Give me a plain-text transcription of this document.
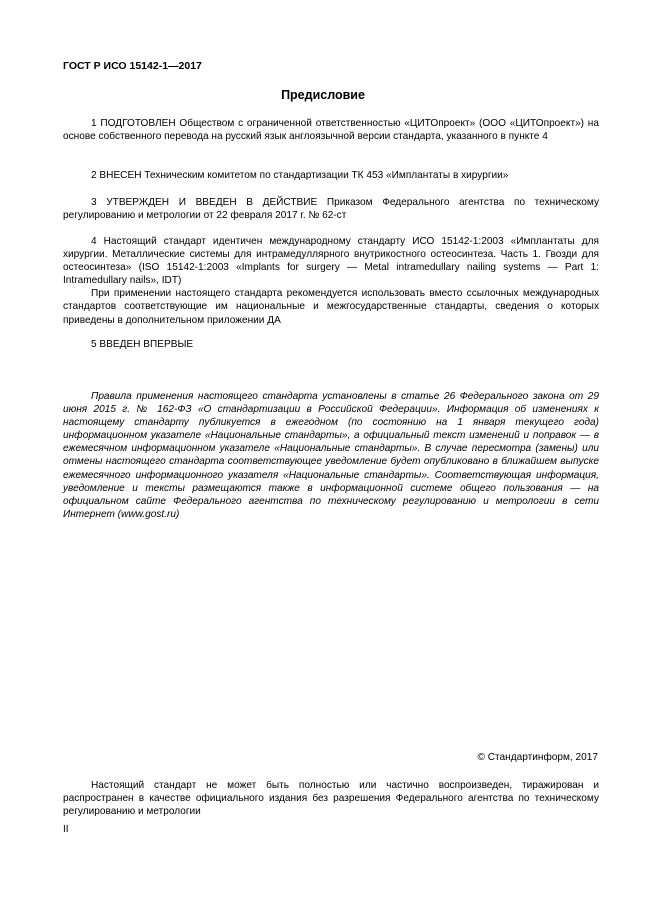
ГОСТ Р ИСО 15142-1—2017
Предисловие

1 ПОДГОТОВЛЕН Обществом с ограниченной ответственностью «ЦИТОпроект» (ООО «ЦИТОпроект») на основе собственного перевода на русский язык англоязычной версии стандарта, указанного в пункте 4

2 ВНЕСЕН Техническим комитетом по стандартизации ТК 453 «Имплантаты в хирургии»

3 УТВЕРЖДЕН И ВВЕДЕН В ДЕЙСТВИЕ Приказом Федерального агентства по техническому регулированию и метрологии от 22 февраля 2017 г. № 62-ст

4 Настоящий стандарт идентичен международному стандарту ИСО 15142-1:2003 «Имплантаты для хирургии. Металлические системы для интрамедуллярного внутрикостного остеосинтеза. Часть 1. Гвозди для остеосинтеза» (ISO 15142-1:2003 «Implants for surgery — Metal intramedullary nailing systems — Part 1: Intramedullary nails», IDT)

При применении настоящего стандарта рекомендуется использовать вместо ссылочных международных стандартов соответствующие им национальные и межгосударственные стандарты, сведения о которых приведены в дополнительном приложении ДА

5 ВВЕДЕН ВПЕРВЫЕ

Правила применения настоящего стандарта установлены в статье 26 Федерального закона от 29 июня 2015 г. № 162-ФЗ «О стандартизации в Российской Федерации». Информация об изменениях к настоящему стандарту публикуется в ежегодном (по состоянию на 1 января текущего года) информационном указателе «Национальные стандарты», а официальный текст изменений и поправок — в ежемесячном информационном указателе «Национальные стандарты». В случае пересмотра (замены) или отмены настоящего стандарта соответствующее уведомление будет опубликовано в ближайшем выпуске ежемесячного информационного указателя «Национальные стандарты». Соответствующая информация, уведомление и тексты размещаются также в информационной системе общего пользования — на официальном сайте Федерального агентства по техническому регулированию и метрологии в сети Интернет (www.gost.ru)

© Стандартинформ, 2017

Настоящий стандарт не может быть полностью или частично воспроизведен, тиражирован и распространен в качестве официального издания без разрешения Федерального агентства по техническому регулированию и метрологии

II
